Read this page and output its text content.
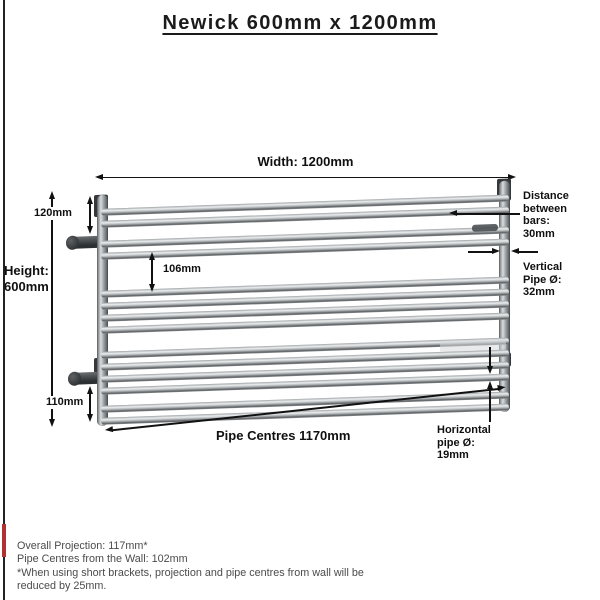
Newick 600mm x 1200mm
Width: 1200mm
Height:
600mm
120mm
106mm
110mm
Distance
between
bars:
30mm
Vertical
Pipe Ø:
32mm
Horizontal
pipe Ø:
19mm
Pipe Centres 1170mm
Overall Projection: 117mm*
Pipe Centres from the Wall: 102mm
*When using short brackets, projection and pipe centres from wall will be
reduced by 25mm.
